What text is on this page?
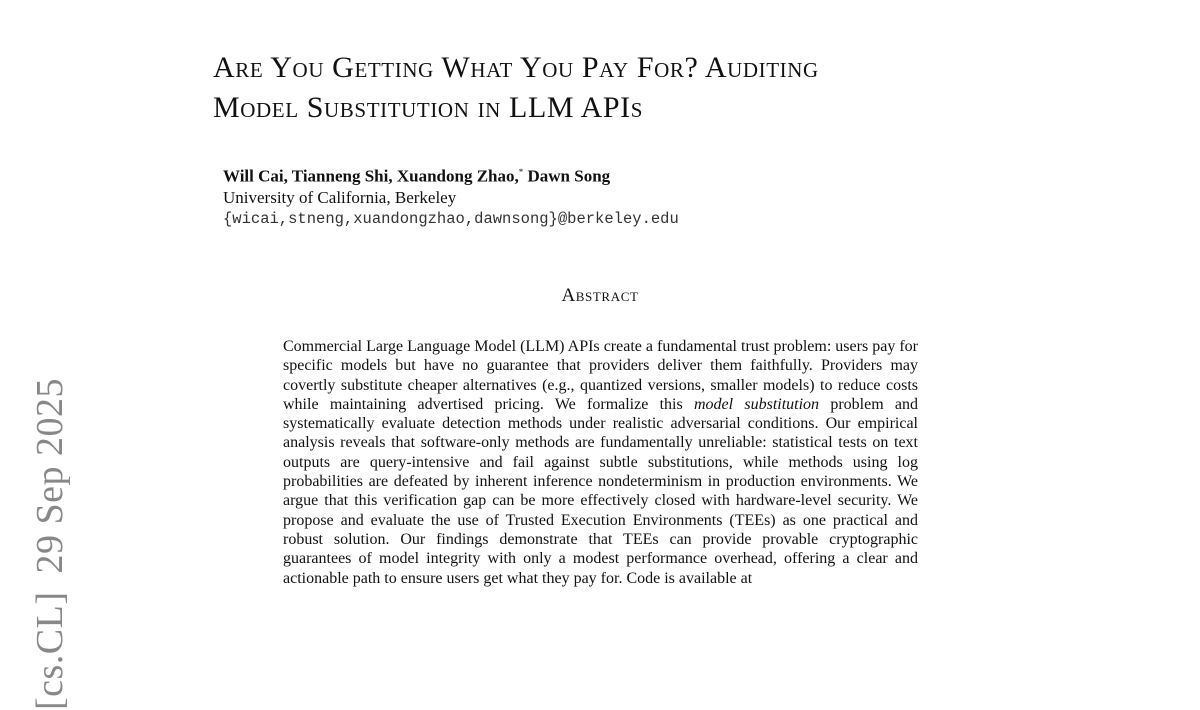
[cs.CL]29 Sep 2025
Are You Getting What You Pay For? Auditing
Model Substitution in LLM APIs
Will Cai, Tianneng Shi, Xuandong Zhao,* Dawn Song
University of California, Berkeley
{wicai,stneng,xuandongzhao,dawnsong}@berkeley.edu
Abstract

Commercial Large Language Model (LLM) APIs create a fundamental trust problem: users pay for specific models but have no guarantee that providers deliver them faithfully. Providers may covertly substitute cheaper alternatives (e.g., quantized versions, smaller models) to reduce costs while maintaining advertised pricing. We formalize this model substitution problem and systematically evaluate detection methods under realistic adversarial conditions. Our empirical analysis reveals that software-only methods are fundamentally unreliable: statistical tests on text outputs are query-intensive and fail against subtle substitutions, while methods using log probabilities are defeated by inherent inference nondeterminism in production environments. We argue that this verification gap can be more effectively closed with hardware-level security. We propose and evaluate the use of Trusted Execution Environments (TEEs) as one practical and robust solution. Our findings demonstrate that TEEs can provide provable cryptographic guarantees of model integrity with only a modest performance overhead, offering a clear and actionable path to ensure users get what they pay for. Code is available at
